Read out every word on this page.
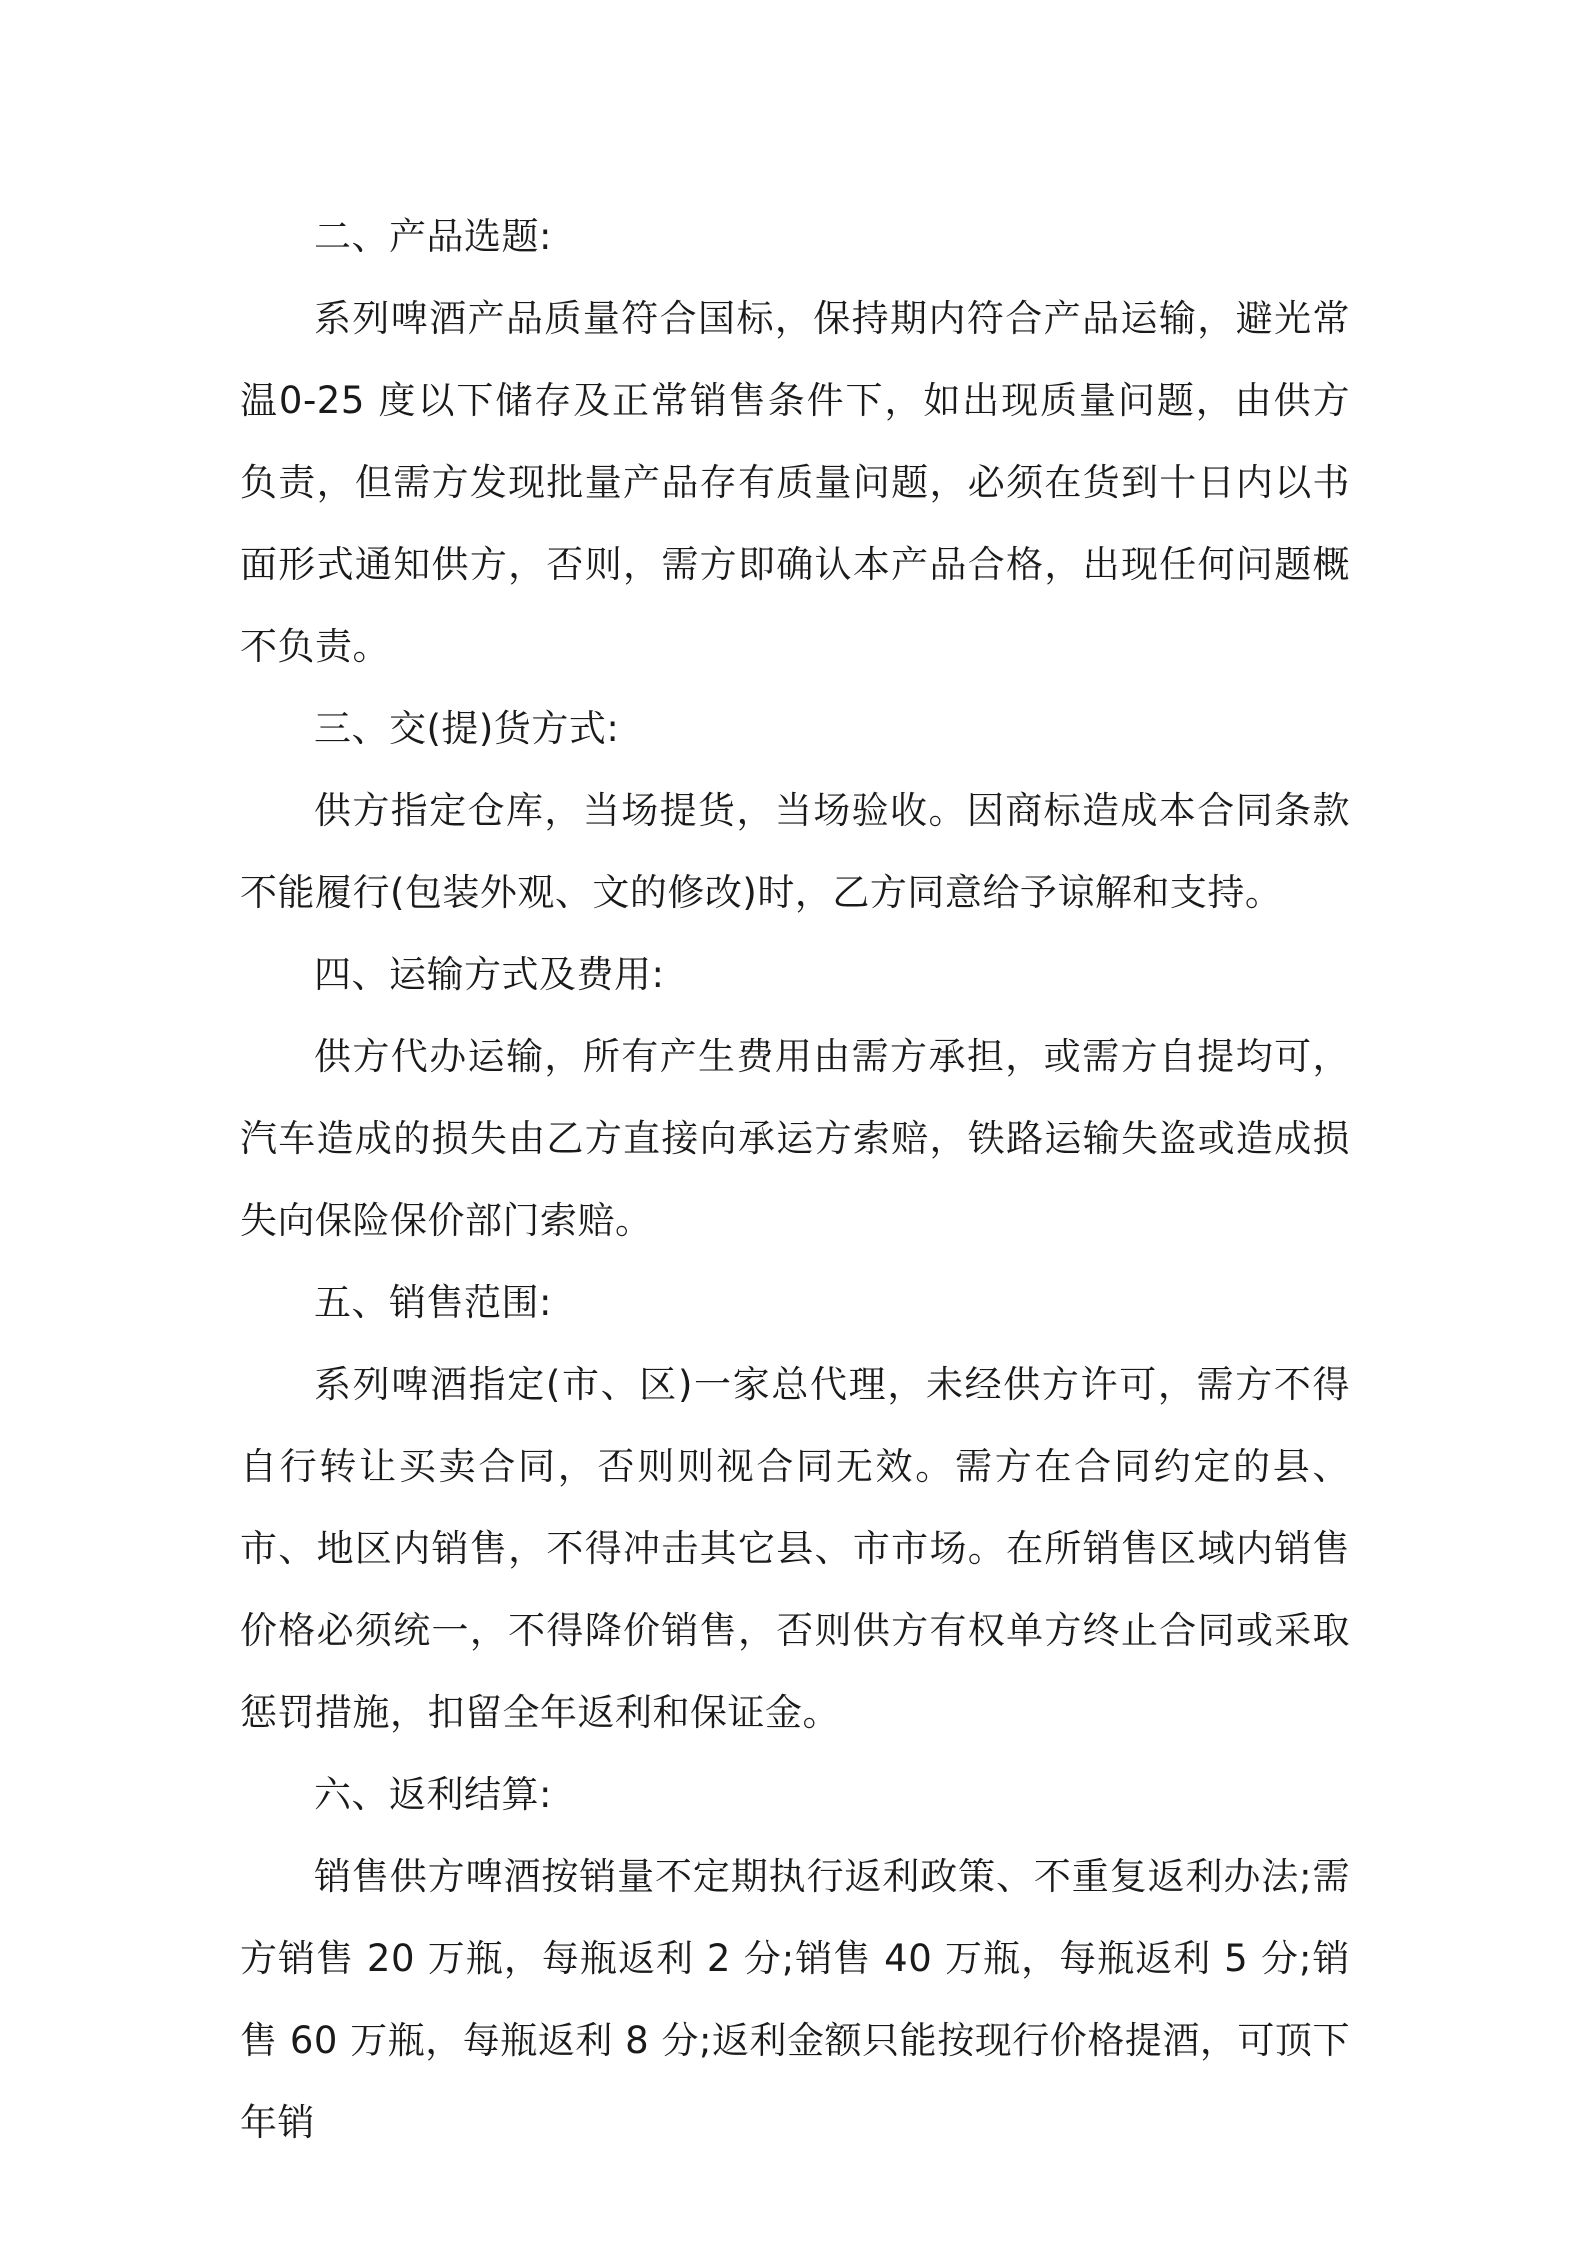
二、产品选题:

系列啤酒产品质量符合国标，保持期内符合产品运输，避光常温0-25 度以下储存及正常销售条件下，如出现质量问题，由供方负责，但需方发现批量产品存有质量问题，必须在货到十日内以书面形式通知供方，否则，需方即确认本产品合格，出现任何问题概不负责。

三、交(提)货方式:

供方指定仓库，当场提货，当场验收。因商标造成本合同条款不能履行(包装外观、文的修改)时，乙方同意给予谅解和支持。

四、运输方式及费用:

供方代办运输，所有产生费用由需方承担，或需方自提均可，汽车造成的损失由乙方直接向承运方索赔，铁路运输失盗或造成损失向保险保价部门索赔。

五、销售范围:

系列啤酒指定(市、区)一家总代理，未经供方许可，需方不得自行转让买卖合同，否则则视合同无效。需方在合同约定的县、市、地区内销售，不得冲击其它县、市市场。在所销售区域内销售价格必须统一，不得降价销售，否则供方有权单方终止合同或采取惩罚措施，扣留全年返利和保证金。

六、返利结算:

销售供方啤酒按销量不定期执行返利政策、不重复返利办法;需方销售 20 万瓶，每瓶返利 2 分;销售 40 万瓶，每瓶返利 5 分;销售 60 万瓶，每瓶返利 8 分;返利金额只能按现行价格提酒，可顶下年销
